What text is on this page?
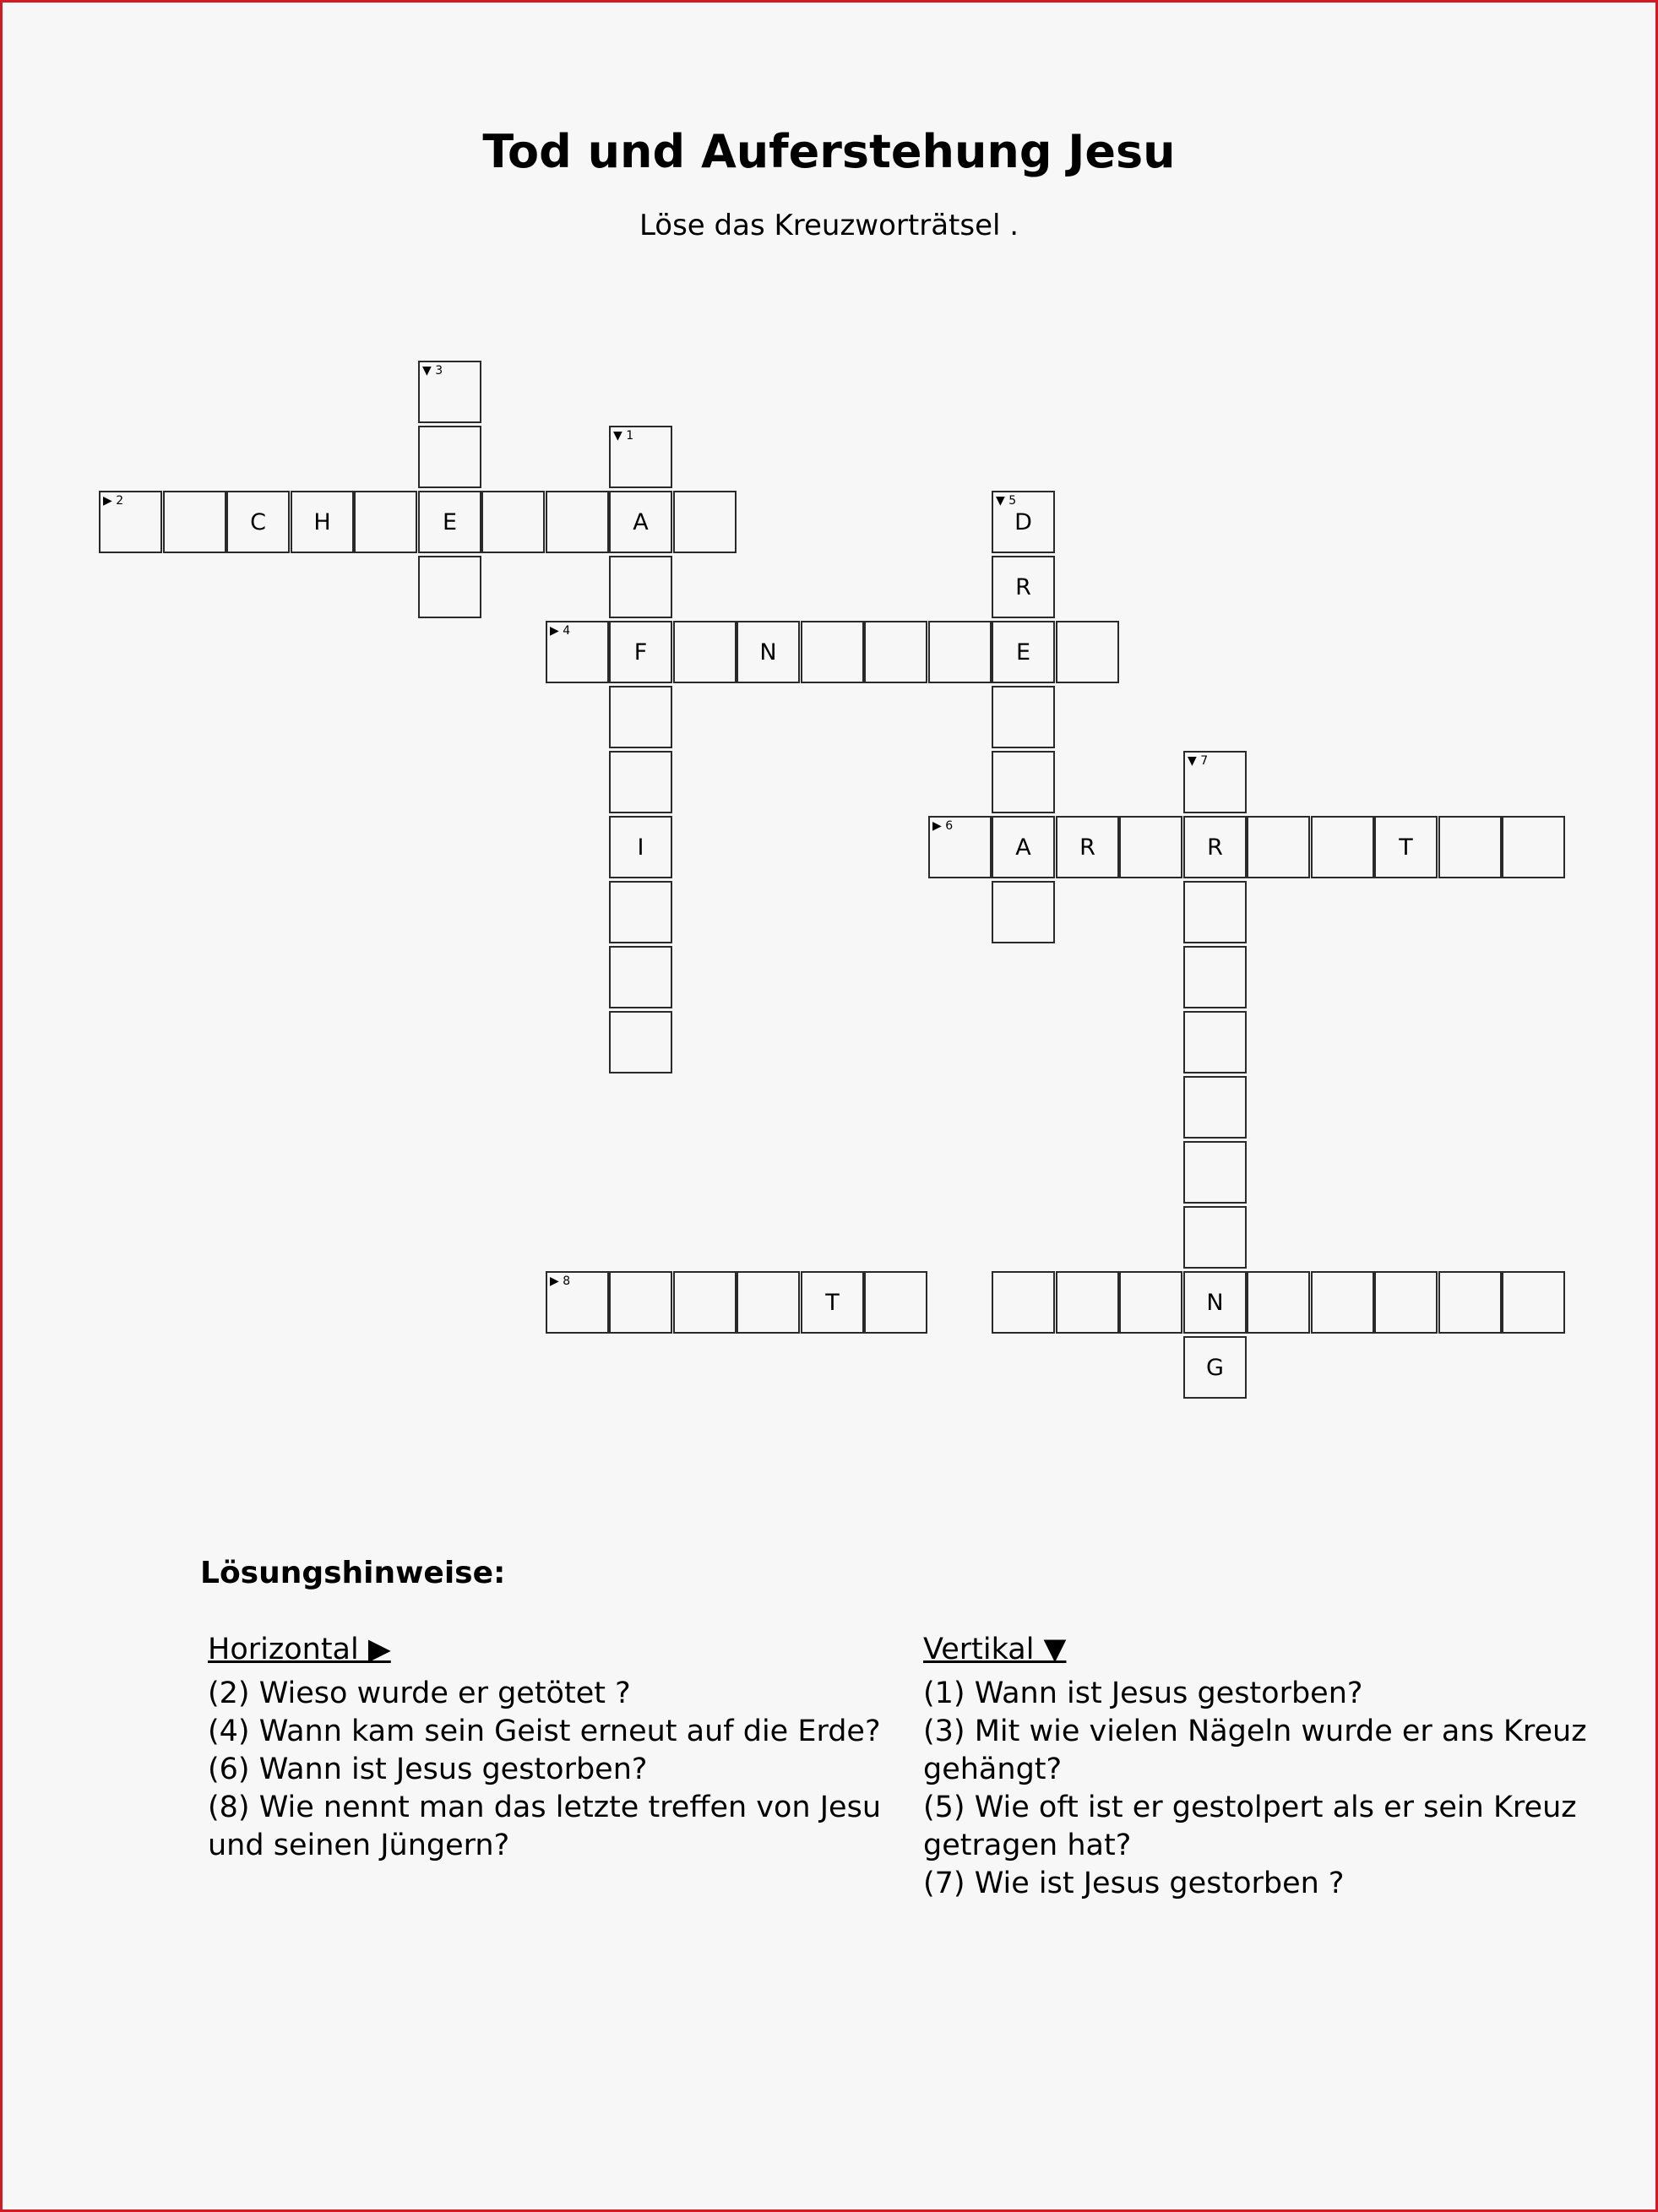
Tod und Auferstehung Jesu
Löse das Kreuzworträtsel .
▼ 3
▼ 1
▶ 2
C	H	E	A
▼ 5
D
R
▶ 4
F	N	E
▼ 7
I
▶ 6
A	R	R	T
▶ 8
T	N
G
Lösungshinweise:
Horizontal ▶
(2) Wieso wurde er getötet ?
(4) Wann kam sein Geist erneut auf die Erde?
(6) Wann ist Jesus gestorben?
(8) Wie nennt man das letzte treffen von Jesu und seinen Jüngern?
Vertikal ▼
(1) Wann ist Jesus gestorben?
(3) Mit wie vielen Nägeln wurde er ans Kreuz gehängt?
(5) Wie oft ist er gestolpert als er sein Kreuz getragen hat?
(7) Wie ist Jesus gestorben ?
